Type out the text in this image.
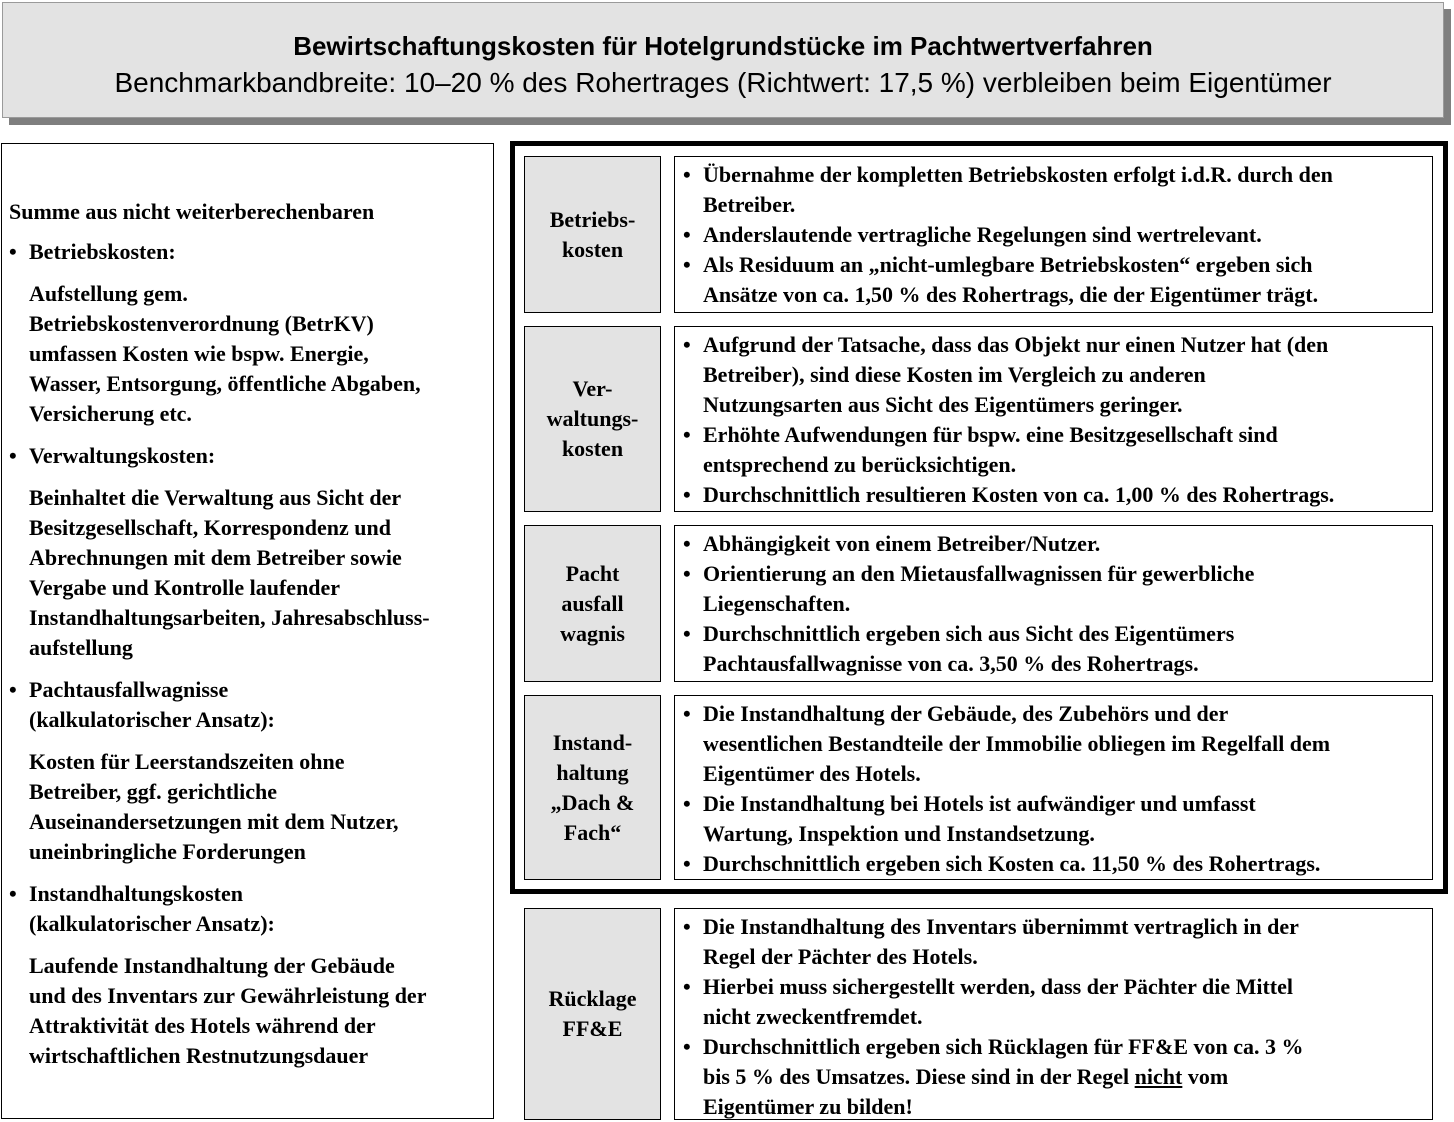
Bewirtschaftungskosten für Hotelgrundstücke im Pachtwertverfahren
Benchmarkbandbreite: 10–20 % des Rohertrages (Richtwert: 17,5 %) verbleiben beim Eigentümer
Summe aus nicht weiterberechenbaren
• Betriebskosten:
Aufstellung gem.
Betriebskostenverordnung (BetrKV)
umfassen Kosten wie bspw. Energie,
Wasser, Entsorgung, öffentliche Abgaben,
Versicherung etc.
• Verwaltungskosten:
Beinhaltet die Verwaltung aus Sicht der
Besitzgesellschaft, Korrespondenz und
Abrechnungen mit dem Betreiber sowie
Vergabe und Kontrolle laufender
Instandhaltungsarbeiten, Jahresabschluss-
aufstellung
• Pachtausfallwagnisse
(kalkulatorischer Ansatz):
Kosten für Leerstandszeiten ohne
Betreiber, ggf. gerichtliche
Auseinandersetzungen mit dem Nutzer,
uneinbringliche Forderungen
• Instandhaltungskosten
(kalkulatorischer Ansatz):
Laufende Instandhaltung der Gebäude
und des Inventars zur Gewährleistung der
Attraktivität des Hotels während der
wirtschaftlichen Restnutzungsdauer
Betriebs-
kosten
• Übernahme der kompletten Betriebskosten erfolgt i.d.R. durch den
Betreiber.
• Anderslautende vertragliche Regelungen sind wertrelevant.
• Als Residuum an „nicht-umlegbare Betriebskosten“ ergeben sich
Ansätze von ca. 1,50 % des Rohertrags, die der Eigentümer trägt.
Ver-
waltungs-
kosten
• Aufgrund der Tatsache, dass das Objekt nur einen Nutzer hat (den
Betreiber), sind diese Kosten im Vergleich zu anderen
Nutzungsarten aus Sicht des Eigentümers geringer.
• Erhöhte Aufwendungen für bspw. eine Besitzgesellschaft sind
entsprechend zu berücksichtigen.
• Durchschnittlich resultieren Kosten von ca. 1,00 % des Rohertrags.
Pacht
ausfall
wagnis
• Abhängigkeit von einem Betreiber/Nutzer.
• Orientierung an den Mietausfallwagnissen für gewerbliche
Liegenschaften.
• Durchschnittlich ergeben sich aus Sicht des Eigentümers
Pachtausfallwagnisse von ca. 3,50 % des Rohertrags.
Instand-
haltung
„Dach &
Fach“
• Die Instandhaltung der Gebäude, des Zubehörs und der
wesentlichen Bestandteile der Immobilie obliegen im Regelfall dem
Eigentümer des Hotels.
• Die Instandhaltung bei Hotels ist aufwändiger und umfasst
Wartung, Inspektion und Instandsetzung.
• Durchschnittlich ergeben sich Kosten ca. 11,50 % des Rohertrags.
Rücklage
FF&E
• Die Instandhaltung des Inventars übernimmt vertraglich in der
Regel der Pächter des Hotels.
• Hierbei muss sichergestellt werden, dass der Pächter die Mittel
nicht zweckentfremdet.
• Durchschnittlich ergeben sich Rücklagen für FF&E von ca. 3 %
bis 5 % des Umsatzes. Diese sind in der Regel nicht vom
Eigentümer zu bilden!
